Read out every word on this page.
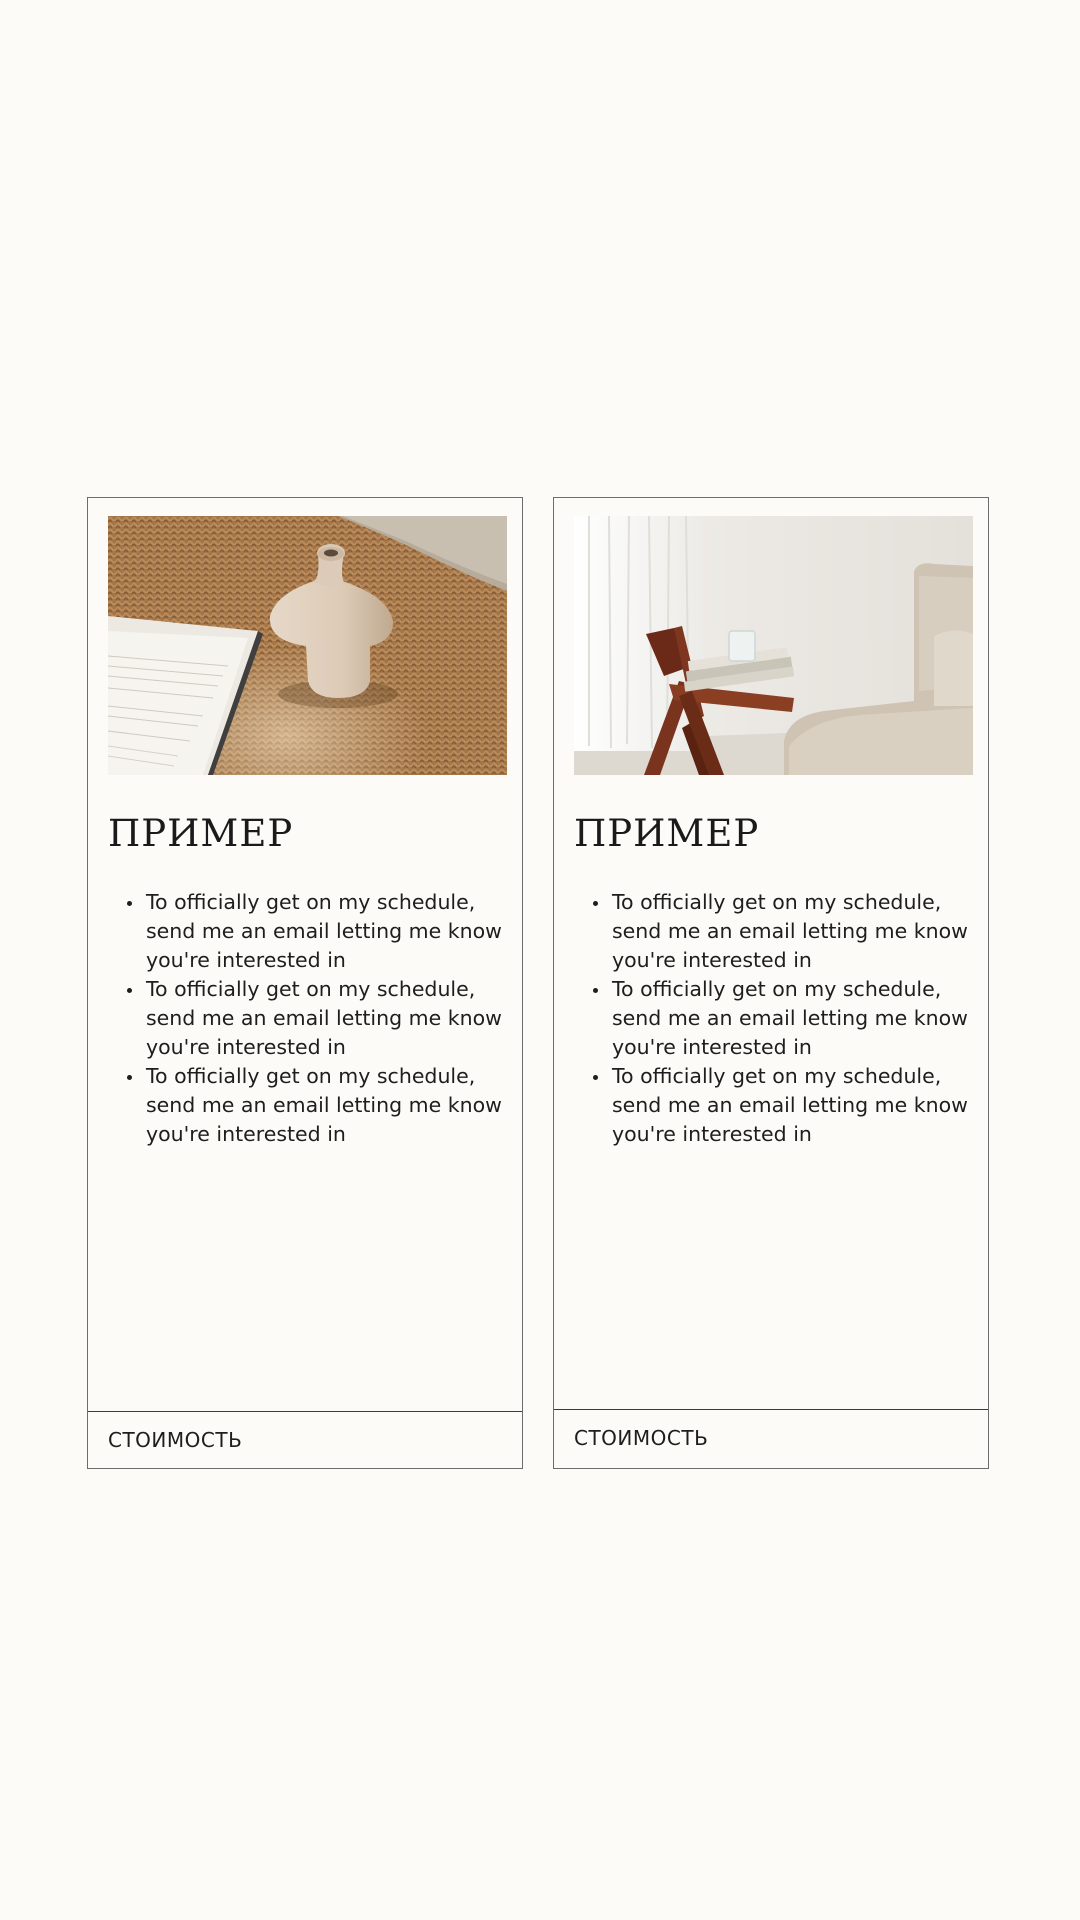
ПРИМЕР
• To officially get on my schedule, send me an email letting me know you're interested in
• To officially get on my schedule, send me an email letting me know you're interested in
• To officially get on my schedule, send me an email letting me know you're interested in
СТОИМОСТЬ
ПРИМЕР
• To officially get on my schedule, send me an email letting me know you're interested in
• To officially get on my schedule, send me an email letting me know you're interested in
• To officially get on my schedule, send me an email letting me know you're interested in
СТОИМОСТЬ
